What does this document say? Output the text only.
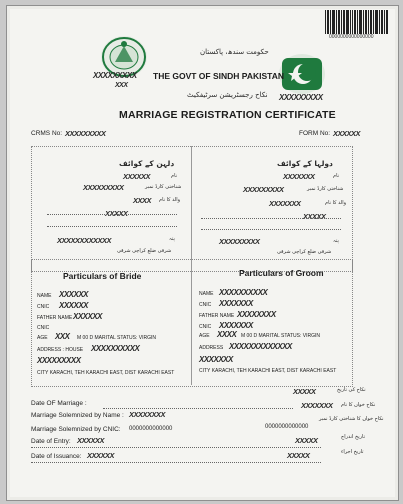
0000000000000000
XXXXXXXXX
XXX
XXXXXXXXX
حکومت سندھ، پاکستان
THE GOVT OF SINDH PAKISTAN
نکاح رجسٹریشن سرٹیفکیٹ
MARRIAGE REGISTRATION CERTIFICATE
CRMS No: XXXXXXXXX	FORM No: XXXXXX
دلہن کے کوائف	دولہا کے کوائف
XXXXXX	نام
XXXXXXXXX	شناختی کارڈ نمبر
XXXX والد کا نام
XXXXX
XXXXXXXXXXXX	پتہ
شرقی ضلع کراچی شرقی
XXXXXXX	نام
XXXXXXXXX	شناختی کارڈ نمبر
XXXXXXX	والد کا نام
XXXXX
XXXXXXXXX	پتہ
شرقی ضلع کراچی شرقی
Particulars of Bride	Particulars of Groom
NAME XXXXXX
CNIC XXXXXX
FATHER NAME XXXXXX
CNIC
AGE XXX M 00 D MARITAL STATUS: VIRGIN
ADDRESS : HOUSE XXXXXXXXXX
XXXXXXXXX
CITY KARACHI, TEH KARACHI EAST, DIST KARACHI EAST
NAME XXXXXXXXXX
CNIC XXXXXXX
FATHER NAME XXXXXXXX
CNIC XXXXXXX
AGE XXXX M 00 D MARITAL STATUS: VIRGIN
ADDRESS XXXXXXXXXXXXX
XXXXXXX
CITY KARACHI, TEH KARACHI EAST, DIST KARACHI EAST
Date OF Marriage :
XXXXX	نکاح کی تاریخ
Marriage Solemnized by Name : XXXXXXXX
XXXXXXX نکاح خواں کا نام
Marriage Solemnized by CNIC: 0000000000000	0000000000000
نکاح خواں کا شناختی کارڈ نمبر
Date of Entry: XXXXXX	XXXXX	تاریخ اندراج
Date of Issuance: XXXXXX	XXXXX	تاریخ اجراء
